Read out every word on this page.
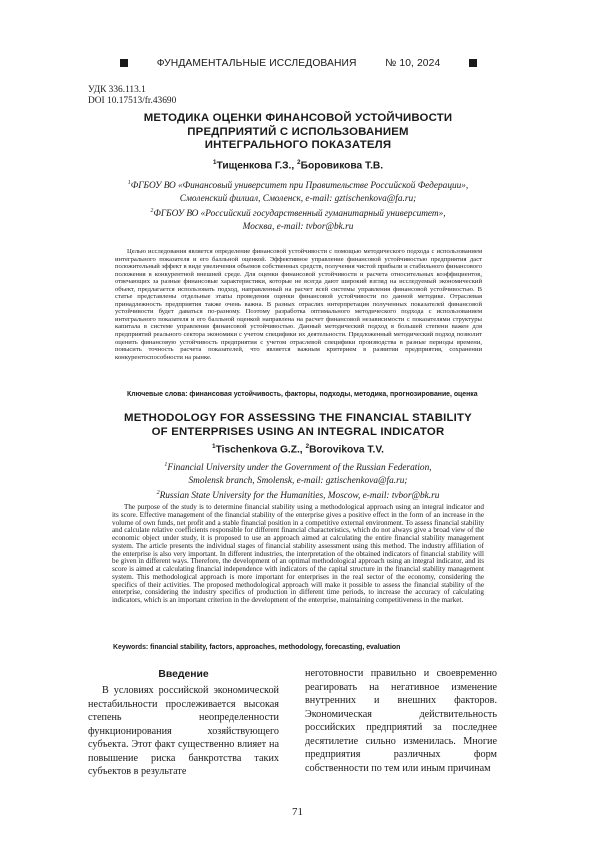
ФУНДАМЕНТАЛЬНЫЕ ИССЛЕДОВАНИЯ	№ 10, 2024
УДК 336.113.1
DOI 10.17513/fr.43690
МЕТОДИКА ОЦЕНКИ ФИНАНСОВОЙ УСТОЙЧИВОСТИ
ПРЕДПРИЯТИЙ С ИСПОЛЬЗОВАНИЕМ
ИНТЕГРАЛЬНОГО ПОКАЗАТЕЛЯ
$^1$Тищенкова Г.З., $^2$Боровикова Т.В.
$^1$ФГБОУ ВО «Финансовый университет при Правительстве Российской Федерации»,
Смоленский филиал, Смоленск, e-mail: gztischenkova@fa.ru;
$^2$ФГБОУ ВО «Российский государственный гуманитарный университет»,
Москва, e-mail: tvbor@bk.ru

Целью исследования является определение финансовой устойчивости с помощью методического подхода с использованием интегрального показателя и его балльной оценкой. Эффективное управление финансовой устойчивостью предприятия даст положительный эффект в виде увеличения объемов собственных средств, получения чистой прибыли и стабильного финансового положения в конкурентной внешней среде. Для оценки финансовой устойчивости и расчета относительных коэффициентов, отвечающих за разные финансовые характеристики, которые не всегда дают широкий взгляд на исследуемый экономический объект, предлагается использовать подход, направленный на расчет всей системы управления финансовой устойчивостью. В статье представлены отдельные этапы проведения оценки финансовой устойчивости по данной методике. Отраслевая принадлежность предприятия также очень важна. В разных отраслях интерпретация полученных показателей финансовой устойчивости будет даваться по-разному. Поэтому разработка оптимального методического подхода с использованием интегрального показателя и его балльной оценкой направлена на расчет финансовой независимости с показателями структуры капитала в системе управления финансовой устойчивостью. Данный методический подход в большей степени важен для предприятий реального сектора экономики с учетом специфики их деятельности. Предложенный методический подход позволит оценить финансовую устойчивость предприятия с учетом отраслевой специфики производства в разные периоды времени, повысить точность расчета показателей, что является важным критерием в развитии предприятия, сохранении конкурентоспособности на рынке.

Ключевые слова: финансовая устойчивость, факторы, подходы, методика, прогнозирование, оценка
METHODOLOGY FOR ASSESSING THE FINANCIAL STABILITY
OF ENTERPRISES USING AN INTEGRAL INDICATOR
$^1$Tischenkova G.Z., $^2$Borovikova T.V.
$^1$Financial University under the Government of the Russian Federation,
Smolensk branch, Smolensk, e-mail: gztischenkova@fa.ru;
$^2$Russian State University for the Humanities, Moscow, e-mail: tvbor@bk.ru

The purpose of the study is to determine financial stability using a methodological approach using an integral indicator and its score. Effective management of the financial stability of the enterprise gives a positive effect in the form of an increase in the volume of own funds, net profit and a stable financial position in a competitive external environment. To assess financial stability and calculate relative coefficients responsible for different financial characteristics, which do not always give a broad view of the economic object under study, it is proposed to use an approach aimed at calculating the entire financial stability management system. The article presents the individual stages of financial stability assessment using this method. The industry affiliation of the enterprise is also very important. In different industries, the interpretation of the obtained indicators of financial stability will be given in different ways. Therefore, the development of an optimal methodological approach using an integral indicator, and its score is aimed at calculating financial independence with indicators of the capital structure in the financial stability management system. This methodological approach is more important for enterprises in the real sector of the economy, considering the specifics of their activities. The proposed methodological approach will make it possible to assess the financial stability of the enterprise, considering the industry specifics of production in different time periods, to increase the accuracy of calculating indicators, which is an important criterion in the development of the enterprise, maintaining competitiveness in the market.

Keywords: financial stability, factors, approaches, methodology, forecasting, evaluation
Введение

В условиях российской экономической нестабильности прослеживается высокая степень неопределенности функционирования хозяйствующего субъекта. Этот факт существенно влияет на повышение риска банкротства таких субъектов в результате

неготовности правильно и своевременно реагировать на негативное изменение внутренних и внешних факторов. Экономическая действительность российских предприятий за последнее десятилетие сильно изменилась. Многие предприятия различных форм собственности по тем или иным причинам

71
